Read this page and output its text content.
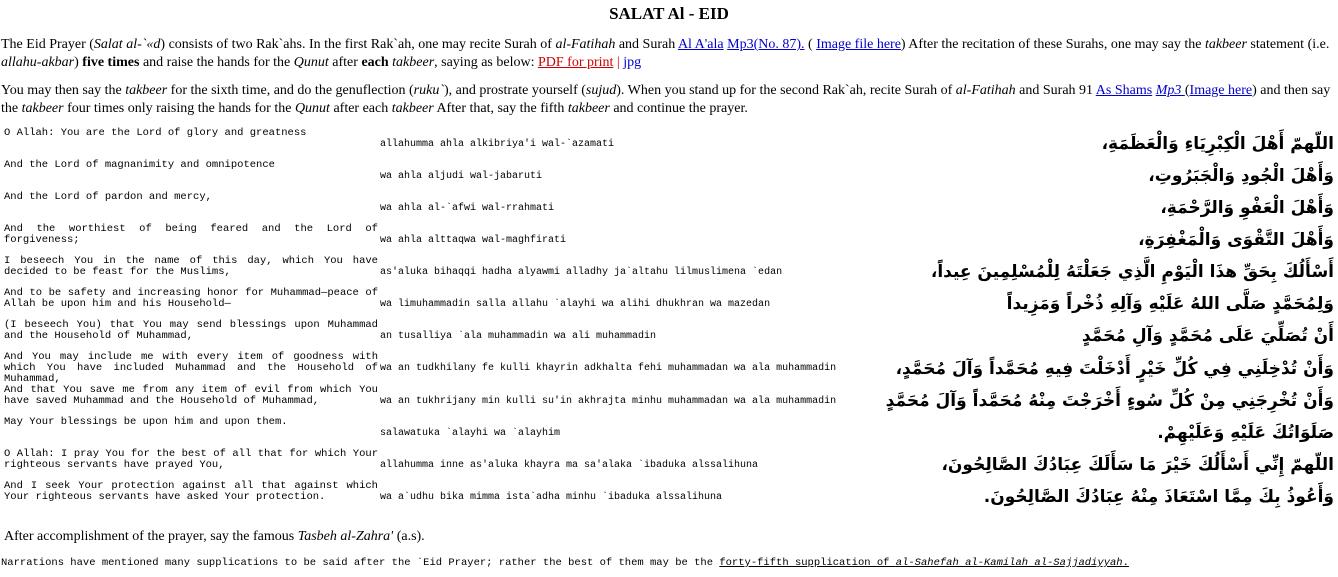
SALAT Al - EID
The Eid Prayer (Salat al-`«d) consists of two Rak`ahs. In the first Rak`ah, one may recite Surah of al-Fatihah and Surah Al A'ala Mp3(No. 87). ( Image file here) After the recitation of these Surahs, one may say the takbeer statement (i.e. allahu-akbar) five times and raise the hands for the Qunut after each takbeer, saying as below: PDF for print | jpg
You may then say the takbeer for the sixth time, and do the genuflection (ruku`), and prostrate yourself (sujud). When you stand up for the second Rak`ah, recite Surah of al-Fatihah and Surah 91 As Shams Mp3 (Image here) and then say the takbeer four times only raising the hands for the Qunut after each takbeer After that, say the fifth takbeer and continue the prayer.
O Allah: You are the Lord of glory and greatness	allahumma ahla alkibriya'i wal-`azamati	اللّهمّ أَهْلَ الْكِبْرِيَاءِ وَالْعَظَمَةِ،
And the Lord of magnanimity and omnipotence	wa ahla aljudi wal-jabaruti	وَأَهْلَ الْجُودِ وَالْجَبَرُوتِ،
And the Lord of pardon and mercy,	wa ahla al-`afwi wal-rrahmati	وَأَهْلَ الْعَفْوِ وَالرَّحْمَةِ،
And the worthiest of being feared and the Lord of forgiveness;	wa ahla alttaqwa wal-maghfirati	وَأَهْلَ التَّقْوَى وَالْمَغْفِرَةِ،
I beseech You in the name of this day, which You have decided to be feast for the Muslims,	as'aluka bihaqqi hadha alyawmi alladhy ja`altahu lilmuslimena `edan	أَسْأَلُكَ بِحَقِّ هذَا الْيَوْمِ الَّذِي جَعَلْتَهُ لِلْمُسْلِمِينَ عِيداً،
And to be safety and increasing honor for Muhammad—peace of Allah be upon him and his Household—	wa limuhammadin salla allahu `alayhi wa alihi dhukhran wa mazedan	وَلِمُحَمَّدٍ صَلَّى اللهُ عَلَيْهِ وَآلِهِ ذُخْراً وَمَزِيداً
(I beseech You) that You may send blessings upon Muhammad and the Household of Muhammad,	an tusalliya `ala muhammadin wa ali muhammadin	أَنْ تُصَلِّيَ عَلَى مُحَمَّدٍ وَآلِ مُحَمَّدٍ
And You may include me with every item of goodness with which You have included Muhammad and the Household of Muhammad,	wa an tudkhilany fe kulli khayrin adkhalta fehi muhammadan wa ala muhammadin	وَأَنْ تُدْخِلَنِي فِي كُلِّ خَيْرٍ أَدْخَلْتَ فِيهِ مُحَمَّداً وَآلَ مُحَمَّدٍ،
And that You save me from any item of evil from which You have saved Muhammad and the Household of Muhammad,	wa an tukhrijany min kulli su'in akhrajta minhu muhammadan wa ala muhammadin	وَأَنْ تُخْرِجَنِي مِنْ كُلِّ سُوءٍ أَخْرَجْتَ مِنْهُ مُحَمَّداً وَآلَ مُحَمَّدٍ
May Your blessings be upon him and upon them.	salawatuka `alayhi wa `alayhim	صَلَوَاتُكَ عَلَيْهِ وَعَلَيْهِمْ.
O Allah: I pray You for the best of all that for which Your righteous servants have prayed You,	allahumma inne as'aluka khayra ma sa'alaka `ibaduka alssalihuna	اللّهمّ إِنِّي أَسْأَلُكَ خَيْرَ مَا سَأَلَكَ عِبَادُكَ الصَّالِحُونَ،
And I seek Your protection against all that against which Your righteous servants have asked Your protection.	wa a`udhu bika mimma ista`adha minhu `ibaduka alssalihuna	وَأَعُوذُ بِكَ مِمَّا اسْتَعَاذَ مِنْهُ عِبَادُكَ الصَّالِحُونَ.
After accomplishment of the prayer, say the famous Tasbeh al-Zahra' (a.s).
Narrations have mentioned many supplications to be said after the `Eid Prayer; rather the best of them may be the forty-fifth supplication of al-Sahefah al-Kamilah al-Sajjadiyyah.
